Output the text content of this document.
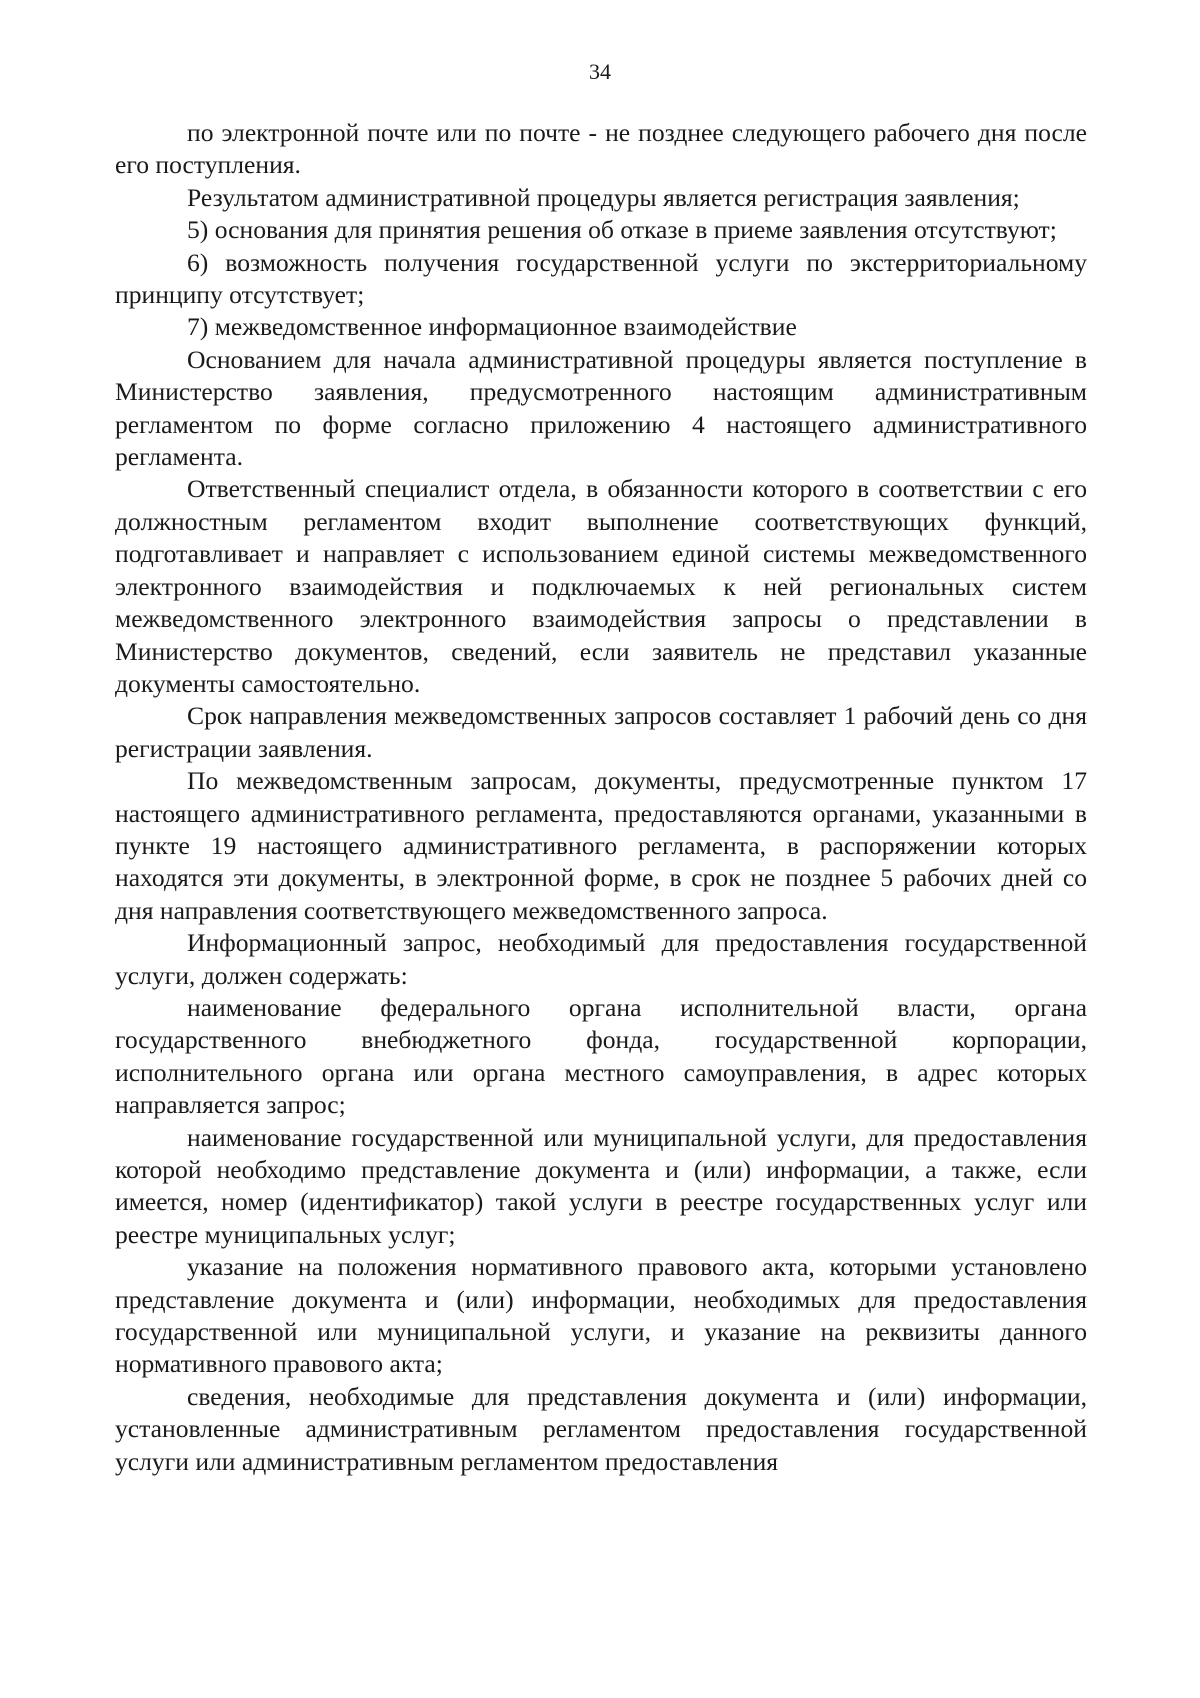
34

по электронной почте или по почте - не позднее следующего рабочего дня после его поступления.

Результатом административной процедуры является регистрация заявления;

5) основания для принятия решения об отказе в приеме заявления отсутствуют;

6) возможность получения государственной услуги по экстерриториальному принципу отсутствует;

7) межведомственное информационное взаимодействие

Основанием для начала административной процедуры является поступление в Министерство заявления, предусмотренного настоящим административным регламентом по форме согласно приложению 4 настоящего административного регламента.

Ответственный специалист отдела, в обязанности которого в соответствии с его должностным регламентом входит выполнение соответствующих функций, подготавливает и направляет с использованием единой системы межведомственного электронного взаимодействия и подключаемых к ней региональных систем межведомственного электронного взаимодействия запросы о представлении в Министерство документов, сведений, если заявитель не представил указанные документы самостоятельно.

Срок направления межведомственных запросов составляет 1 рабочий день со дня регистрации заявления.

По межведомственным запросам, документы, предусмотренные пунктом 17 настоящего административного регламента, предоставляются органами, указанными в пункте 19 настоящего административного регламента, в распоряжении которых находятся эти документы, в электронной форме, в срок не позднее 5 рабочих дней со дня направления соответствующего межведомственного запроса.

Информационный запрос, необходимый для предоставления государственной услуги, должен содержать:

наименование федерального органа исполнительной власти, органа государственного внебюджетного фонда, государственной корпорации, исполнительного органа или органа местного самоуправления, в адрес которых направляется запрос;

наименование государственной или муниципальной услуги, для предоставления которой необходимо представление документа и (или) информации, а также, если имеется, номер (идентификатор) такой услуги в реестре государственных услуг или реестре муниципальных услуг;

указание на положения нормативного правового акта, которыми установлено представление документа и (или) информации, необходимых для предоставления государственной или муниципальной услуги, и указание на реквизиты данного нормативного правового акта;

сведения, необходимые для представления документа и (или) информации, установленные административным регламентом предоставления государственной услуги или административным регламентом предоставления
